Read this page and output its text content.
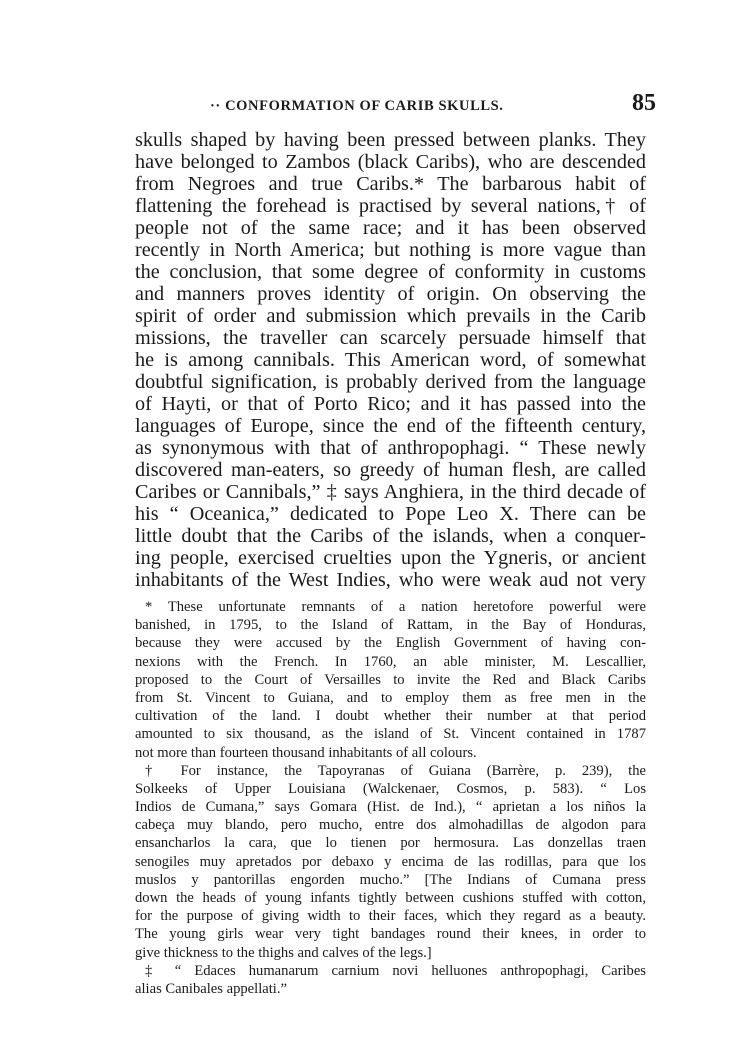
·· CONFORMATION OF CARIB SKULLS.	85
skulls shaped by having been pressed between planks. They
have belonged to Zambos (black Caribs), who are descended
from Negroes and true Caribs.* The barbarous habit of
flattening the forehead is practised by several nations,† of
people not of the same race; and it has been observed
recently in North America; but nothing is more vague than
the conclusion, that some degree of conformity in customs
and manners proves identity of origin. On observing the
spirit of order and submission which prevails in the Carib
missions, the traveller can scarcely persuade himself that
he is among cannibals. This American word, of somewhat
doubtful signification, is probably derived from the language
of Hayti, or that of Porto Rico; and it has passed into the
languages of Europe, since the end of the fifteenth century,
as synonymous with that of anthropophagi. “ These newly
discovered man-eaters, so greedy of human flesh, are called
Caribes or Cannibals,” ‡ says Anghiera, in the third decade of
his “ Oceanica,” dedicated to Pope Leo X. There can be
little doubt that the Caribs of the islands, when a conquer-
ing people, exercised cruelties upon the Ygneris, or ancient
inhabitants of the West Indies, who were weak aud not very
* These unfortunate remnants of a nation heretofore powerful were
banished, in 1795, to the Island of Rattam, in the Bay of Honduras,
because they were accused by the English Government of having con-
nexions with the French. In 1760, an able minister, M. Lescallier,
proposed to the Court of Versailles to invite the Red and Black Caribs
from St. Vincent to Guiana, and to employ them as free men in the
cultivation of the land. I doubt whether their number at that period
amounted to six thousand, as the island of St. Vincent contained in 1787
not more than fourteen thousand inhabitants of all colours.
† For instance, the Tapoyranas of Guiana (Barrère, p. 239), the
Solkeeks of Upper Louisiana (Walckenaer, Cosmos, p. 583). “ Los
Indios de Cumana,” says Gomara (Hist. de Ind.), “ aprietan a los niños la
cabeça muy blando, pero mucho, entre dos almohadillas de algodon para
ensancharlos la cara, que lo tienen por hermosura. Las donzellas traen
senogiles muy apretados por debaxo y encima de las rodillas, para que los
muslos y pantorillas engorden mucho.” [The Indians of Cumana press
down the heads of young infants tightly between cushions stuffed with cotton,
for the purpose of giving width to their faces, which they regard as a beauty.
The young girls wear very tight bandages round their knees, in order to
give thickness to the thighs and calves of the legs.]
‡ “ Edaces humanarum carnium novi helluones anthropophagi, Caribes
alias Canibales appellati.”
